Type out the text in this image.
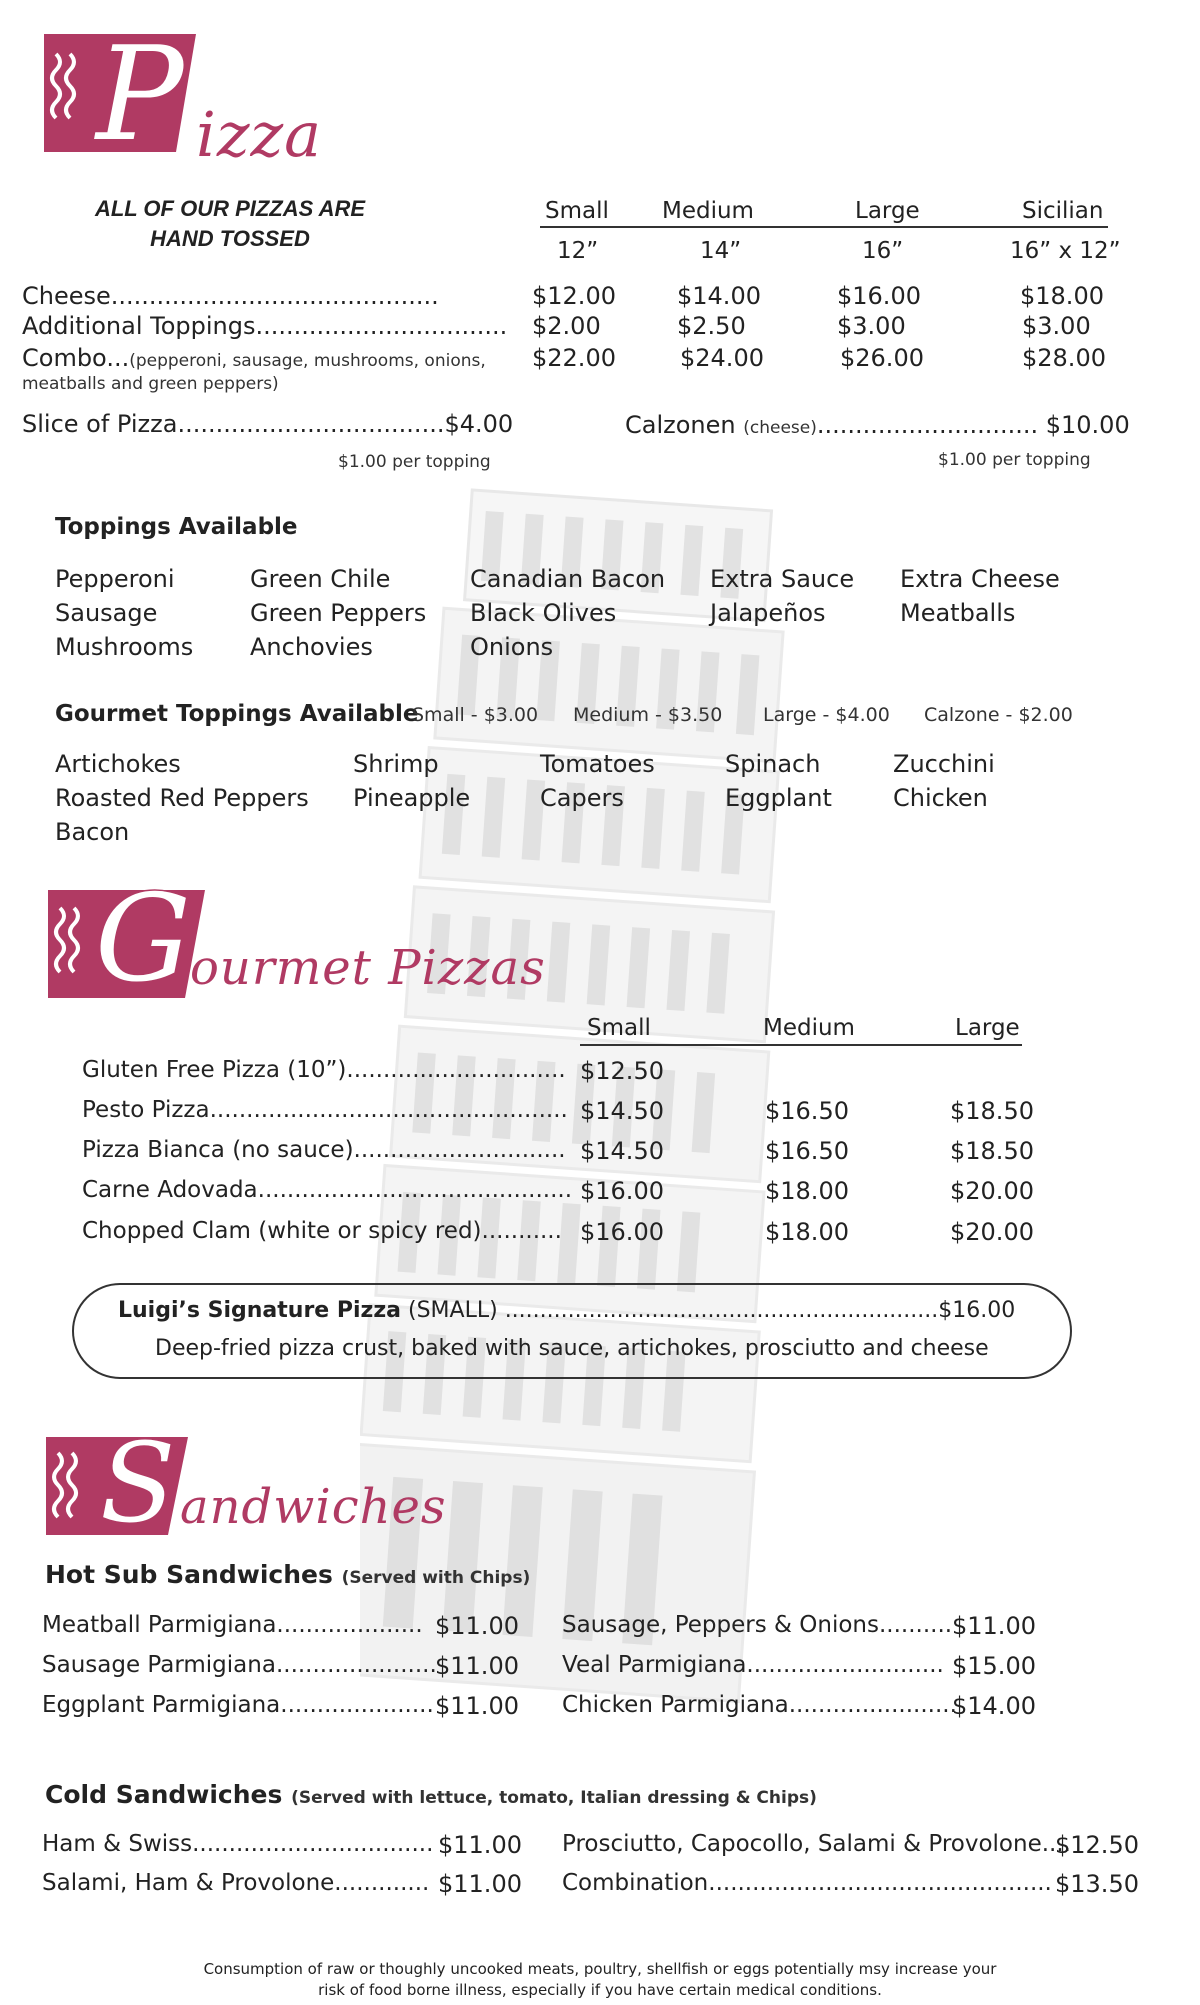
P izza
ALL OF OUR PIZZAS ARE
HAND TOSSED
Small Medium	Large	Sicilian
12”	14”	16”	16” x 12”
Cheese...........................................	$12.00	$14.00	$16.00	$18.00
Additional Toppings................................. $2.00	$2.50	$3.00	$3.00
Combo...(pepperoni, sausage, mushrooms, onions,
meatballs and green peppers)
$22.00	$24.00	$26.00	$28.00
Slice of Pizza...................................$4.00
$1.00 per topping
Calzonen (cheese)............................. $10.00
$1.00 per topping
Toppings Available
Pepperoni
Sausage
Mushrooms
Green Chile
Green Peppers
Anchovies
Canadian Bacon
Black Olives
Onions
Extra Sauce
Jalapeños
Extra Cheese
Meatballs
Gourmet Toppings Available
Small - $3.00 Medium - $3.50 Large - $4.00 Calzone - $2.00
Artichokes
Roasted Red Peppers
Bacon
Shrimp
Pineapple
Tomatoes
Capers
Spinach
Eggplant
Zucchini
Chicken
G ourmet Pizzas
Small	Medium	Large
Gluten Free Pizza (10”).............................. $12.50
Pesto Pizza................................................. $14.50	$16.50	$18.50
Pizza Bianca (no sauce)............................. $14.50	$16.50	$18.50
Carne Adovada........................................... $16.00	$18.00	$20.00
Chopped Clam (white or spicy red)........... $16.00	$18.00	$20.00
Luigi’s Signature Pizza (SMALL) ..............................................................$16.00
Deep-fried pizza crust, baked with sauce, artichokes, prosciutto and cheese
S andwiches
Hot Sub Sandwiches (Served with Chips)
Meatball Parmigiana.................... $11.00
Sausage Parmigiana......................
$11.00
Eggplant Parmigiana..................... $11.00
Sausage, Peppers & Onions.......... $11.00
Veal Parmigiana........................... $15.00
Chicken Parmigiana.......................
$14.00
Cold Sandwiches (Served with lettuce, tomato, Italian dressing & Chips)
Ham & Swiss................................. $11.00
Salami, Ham & Provolone............. $11.00
Prosciutto, Capocollo, Salami & Provolone....
$12.50
Combination............................................... $13.50
Consumption of raw or thoughly uncooked meats, poultry, shellfish or eggs potentially msy increase your
risk of food borne illness, especially if you have certain medical conditions.
